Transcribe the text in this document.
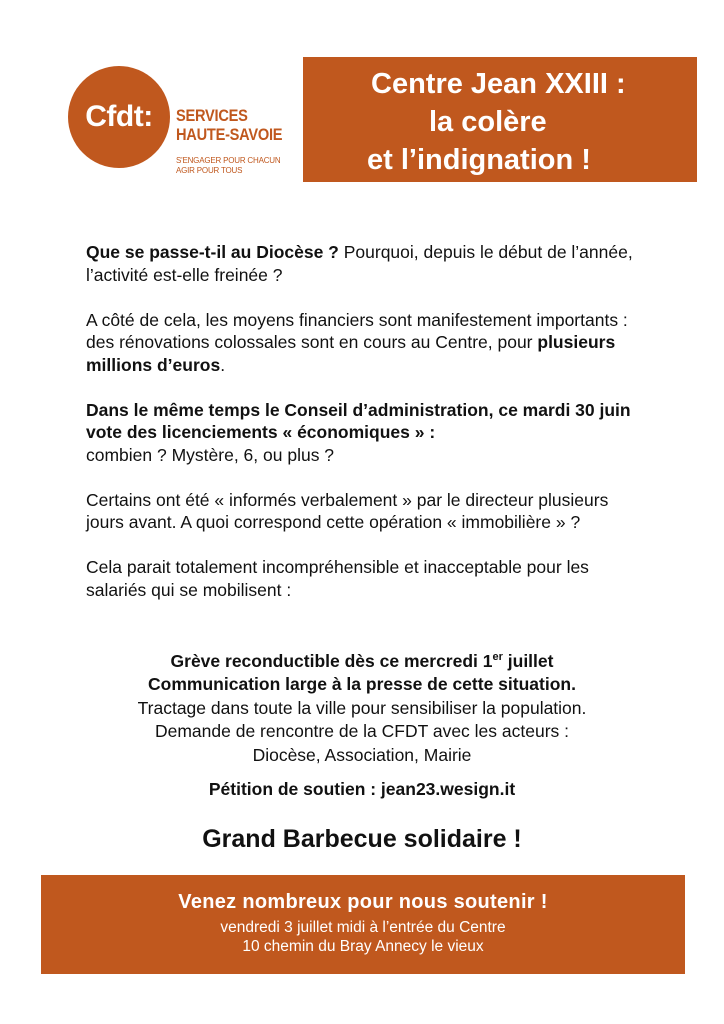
Cfdt: SERVICES
HAUTE-SAVOIE
S'ENGAGER POUR CHACUN
AGIR POUR TOUS
Centre Jean XXIII :
la colère
et l’indignation !

Que se passe-t-il au Diocèse ? Pourquoi, depuis le début de l’année, l’activité est-elle freinée ?

A côté de cela, les moyens financiers sont manifestement importants : des rénovations colossales sont en cours au Centre, pour plusieurs millions d’euros.

Dans le même temps le Conseil d’administration, ce mardi 30 juin vote des licenciements « économiques » :
combien ? Mystère, 6, ou plus ?

Certains ont été « informés verbalement » par le directeur plusieurs jours avant. A quoi correspond cette opération « immobilière » ?

Cela parait totalement incompréhensible et inacceptable pour les salariés qui se mobilisent :

Grève reconductible dès ce mercredi 1er juillet
Communication large à la presse de cette situation.
Tractage dans toute la ville pour sensibiliser la population.
Demande de rencontre de la CFDT avec les acteurs :
Diocèse, Association, Mairie
Pétition de soutien : jean23.wesign.it
Grand Barbecue solidaire !
Venez nombreux pour nous soutenir !
vendredi 3 juillet midi à l’entrée du Centre
10 chemin du Bray Annecy le vieux
